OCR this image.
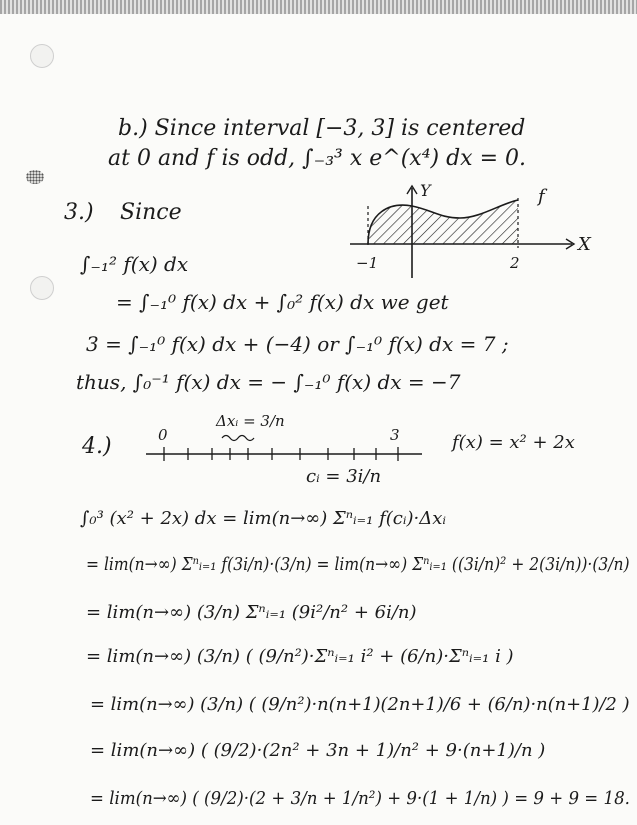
b.) Since interval [−3, 3] is centered

at 0 and f is odd, ∫₋₃³ x e^(x⁴) dx = 0.

3.) Since

∫₋₁² f(x) dx

= ∫₋₁⁰ f(x) dx + ∫₀² f(x) dx we get

3 = ∫₋₁⁰ f(x) dx + (−4) or ∫₋₁⁰ f(x) dx = 7 ;

thus, ∫₀⁻¹ f(x) dx = − ∫₋₁⁰ f(x) dx = −7

Y
X
f
−1	2

4.)	0	3

Δxᵢ = 3/n

f(x) = x² + 2x

cᵢ = 3i/n

∫₀³ (x² + 2x) dx = lim(n→∞) Σⁿᵢ₌₁ f(cᵢ)·Δxᵢ

= lim(n→∞) Σⁿᵢ₌₁ f(3i/n)·(3/n) = lim(n→∞) Σⁿᵢ₌₁ ((3i/n)² + 2(3i/n))·(3/n)

= lim(n→∞) (3/n) Σⁿᵢ₌₁ (9i²/n² + 6i/n)

= lim(n→∞) (3/n) ( (9/n²)·Σⁿᵢ₌₁ i² + (6/n)·Σⁿᵢ₌₁ i )

= lim(n→∞) (3/n) ( (9/n²)·n(n+1)(2n+1)/6 + (6/n)·n(n+1)/2 )

= lim(n→∞) ( (9/2)·(2n² + 3n + 1)/n² + 9·(n+1)/n )

= lim(n→∞) ( (9/2)·(2 + 3/n + 1/n²) + 9·(1 + 1/n) ) = 9 + 9 = 18.
